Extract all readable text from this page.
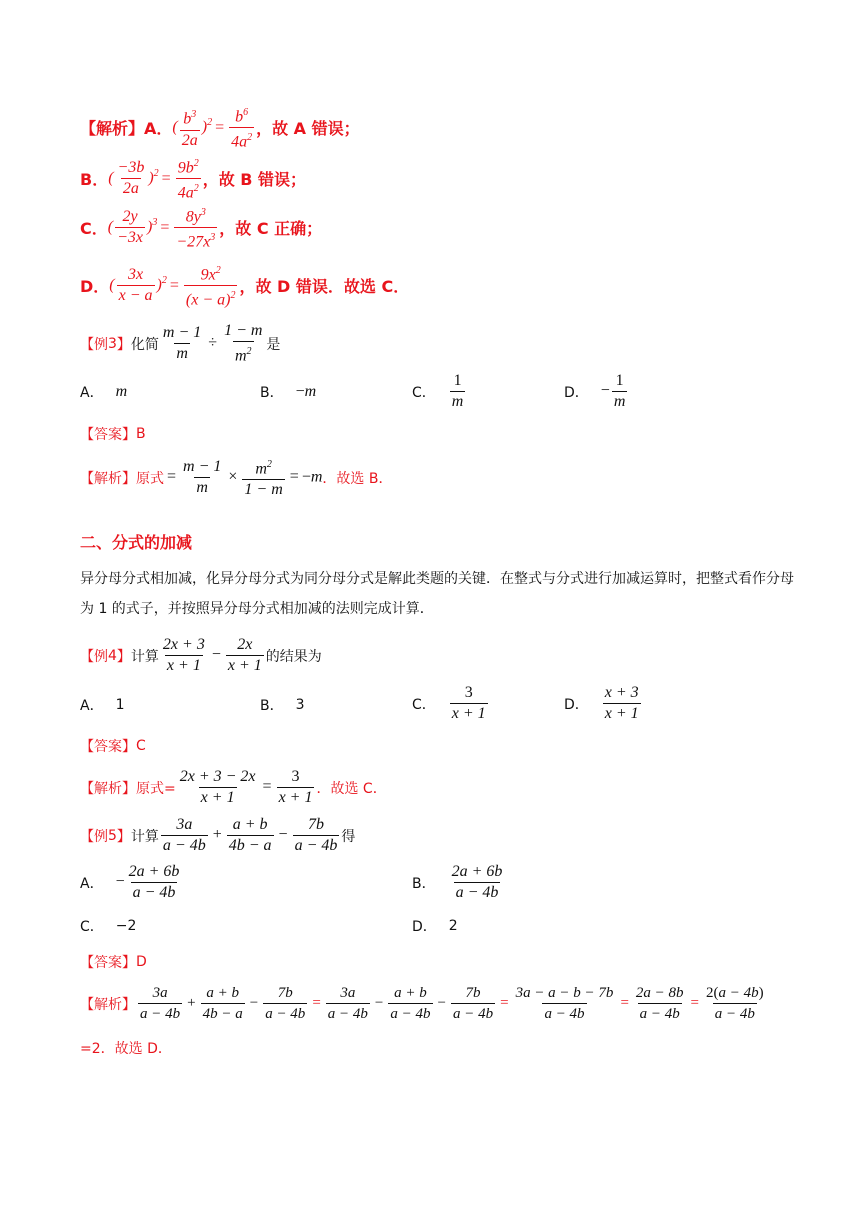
【解析】 A． ( $\frac{b^3}{2a} )^2 = \frac{b^6}{4a^2}$ ，故 A 错误；
B． ( $\frac{-3b}{2a} )^2 = \frac{9b^2}{4a^2}$ ，故 B 错误；
C． ( $\frac{2y}{-3x} )^3 = \frac{8y^3}{-27x^3}$ ，故 C 正确；
D． ( $\frac{3x}{x - a} )^2 = \frac{9x^2}{(x - a)^2}$ ，故 D 错误．故选 C．
【例 3 】 化简 $\frac{m - 1}{m} \div \frac{1 - m}{m^2}$ 是
A． m	B． −m	C． $\frac{1}{m}$	D． − $\frac{1}{m}$
【答案】 B
【解析】 原式 = $\frac{m - 1}{m} \times \frac{m^2}{1 - m} = -m$ ．故选 B．
二、分式的加减
异分母分式相加减，化异分母分式为同分母分式是解此类题的关键．在整式与分式进行加减运算时，把整式看作分母为 1 的式子，并按照异分母分式相加减的法则完成计算．
【例 4 】 计算 $\frac{2x + 3}{x + 1} - \frac{2x}{x + 1}$ 的结果为
A． 1	B． 3	C． $\frac{3}{x + 1}$	D． $\frac{x + 3}{x + 1}$
【答案】 C
【解析】 原式= $\frac{2x + 3 - 2x}{x + 1} = \frac{3}{x + 1}$ ．故选 C．
【例 5 】 计算 $\frac{3a}{a - 4b} + \frac{a + b}{4b - a} - \frac{7b}{a - 4b}$ 得
A． − $\frac{2a + 6b}{a - 4b}$	B． $\frac{2a + 6b}{a - 4b}$
C． −2	D． 2
【答案】 D
【解析】 $\frac{3a}{a - 4b} + \frac{a + b}{4b - a} - \frac{7b}{a - 4b} = \frac{3a}{a - 4b} - \frac{a + b}{a - 4b} - \frac{7b}{a - 4b} = \frac{3a - a - b - 7b}{a - 4b} = \frac{2a - 8b}{a - 4b} = \frac{2(a - 4b)}{a - 4b}$
=2．故选 D．
